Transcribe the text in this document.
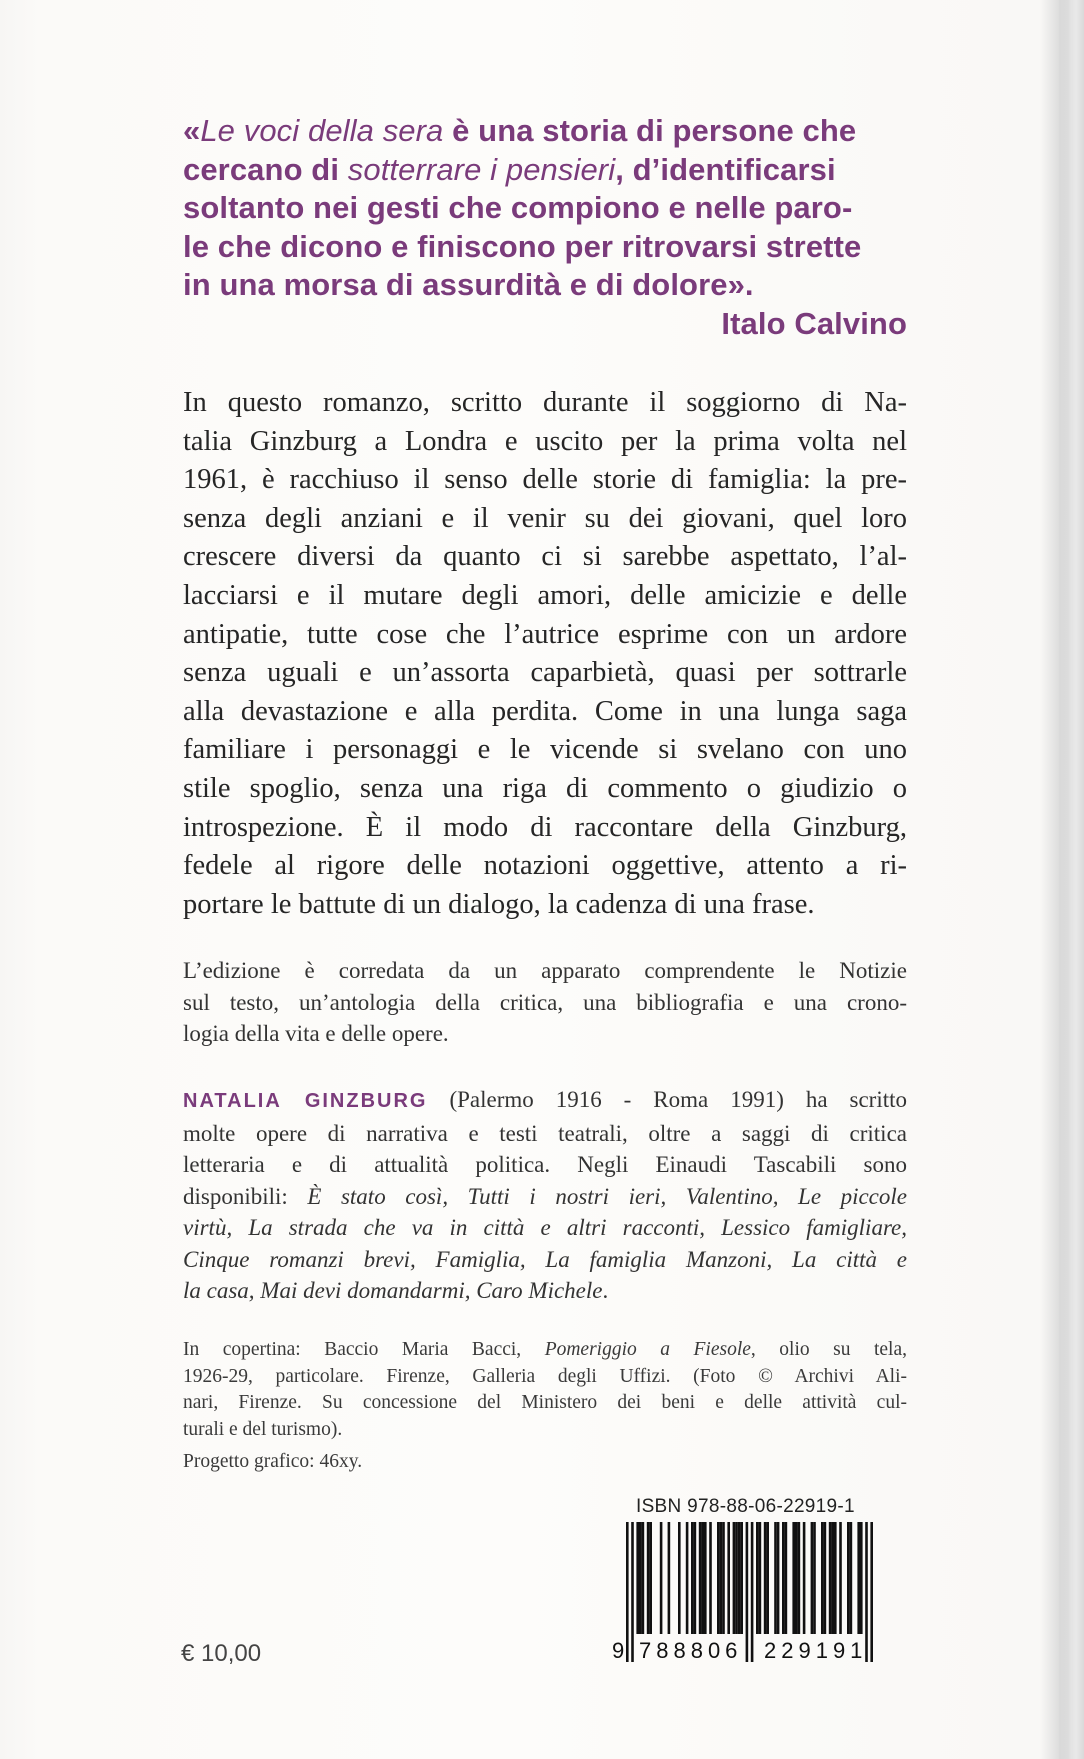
«Le voci della sera è una storia di persone che

cercano di sotterrare i pensieri, d’identificarsi

soltanto nei gesti che compiono e nelle paro-

le che dicono e finiscono per ritrovarsi strette

in una morsa di assurdità e di dolore».

Italo Calvino

In questo romanzo, scritto durante il soggiorno di Na-

talia Ginzburg a Londra e uscito per la prima volta nel

1961, è racchiuso il senso delle storie di famiglia: la pre-

senza degli anziani e il venir su dei giovani, quel loro

crescere diversi da quanto ci si sarebbe aspettato, l’al-

lacciarsi e il mutare degli amori, delle amicizie e delle

antipatie, tutte cose che l’autrice esprime con un ardore

senza uguali e un’assorta caparbietà, quasi per sottrarle

alla devastazione e alla perdita. Come in una lunga saga

familiare i personaggi e le vicende si svelano con uno

stile spoglio, senza una riga di commento o giudizio o

introspezione. È il modo di raccontare della Ginzburg,

fedele al rigore delle notazioni oggettive, attento a ri-

portare le battute di un dialogo, la cadenza di una frase.

L’edizione è corredata da un apparato comprendente le Notizie

sul testo, un’antologia della critica, una bibliografia e una crono-

logia della vita e delle opere.

NATALIA GINZBURG (Palermo 1916 - Roma 1991) ha scritto

molte opere di narrativa e testi teatrali, oltre a saggi di critica

letteraria e di attualità politica. Negli Einaudi Tascabili sono

disponibili: È stato così, Tutti i nostri ieri, Valentino, Le piccole

virtù, La strada che va in città e altri racconti, Lessico famigliare,

Cinque romanzi brevi, Famiglia, La famiglia Manzoni, La città e

la casa, Mai devi domandarmi, Caro Michele.

In copertina: Baccio Maria Bacci, Pomeriggio a Fiesole, olio su tela,

1926-29, particolare. Firenze, Galleria degli Uffizi. (Foto © Archivi Ali-

nari, Firenze. Su concessione del Ministero dei beni e delle attività cul-

turali e del turismo).

Progetto grafico: 46xy.

€ 10,00
ISBN 978-88-06-22919-1
9 788806 229191
